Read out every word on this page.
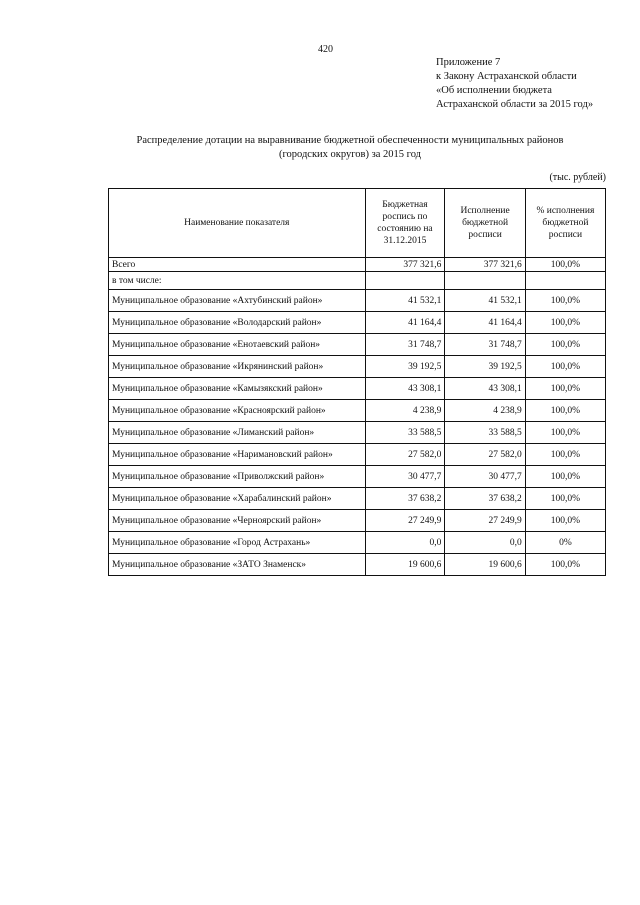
420
Приложение 7
к Закону Астраханской области
«Об исполнении бюджета
Астраханской области за 2015 год»
Распределение дотации на выравнивание бюджетной обеспеченности муниципальных районов
(городских округов) за 2015 год
(тыс. рублей)
Наименование показателя	Бюджетная роспись по состоянию на 31.12.2015	Исполнение бюджетной росписи	% исполнения бюджетной росписи
Всего	377 321,6	377 321,6	100,0%
в том числе:			
Муниципальное образование «Ахтубинский район»	41 532,1	41 532,1	100,0%
Муниципальное образование «Володарский район»	41 164,4	41 164,4	100,0%
Муниципальное образование «Енотаевский район»	31 748,7	31 748,7	100,0%
Муниципальное образование «Икрянинский район»	39 192,5	39 192,5	100,0%
Муниципальное образование «Камызякский район»	43 308,1	43 308,1	100,0%
Муниципальное образование «Красноярский район»	4 238,9	4 238,9	100,0%
Муниципальное образование «Лиманский район»	33 588,5	33 588,5	100,0%
Муниципальное образование «Наримановский район»	27 582,0	27 582,0	100,0%
Муниципальное образование «Приволжский район»	30 477,7	30 477,7	100,0%
Муниципальное образование «Харабалинский район»	37 638,2	37 638,2	100,0%
Муниципальное образование «Черноярский район»	27 249,9	27 249,9	100,0%
Муниципальное образование «Город Астрахань»	0,0	0,0	0%
Муниципальное образование «ЗАТО Знаменск»	19 600,6	19 600,6	100,0%
